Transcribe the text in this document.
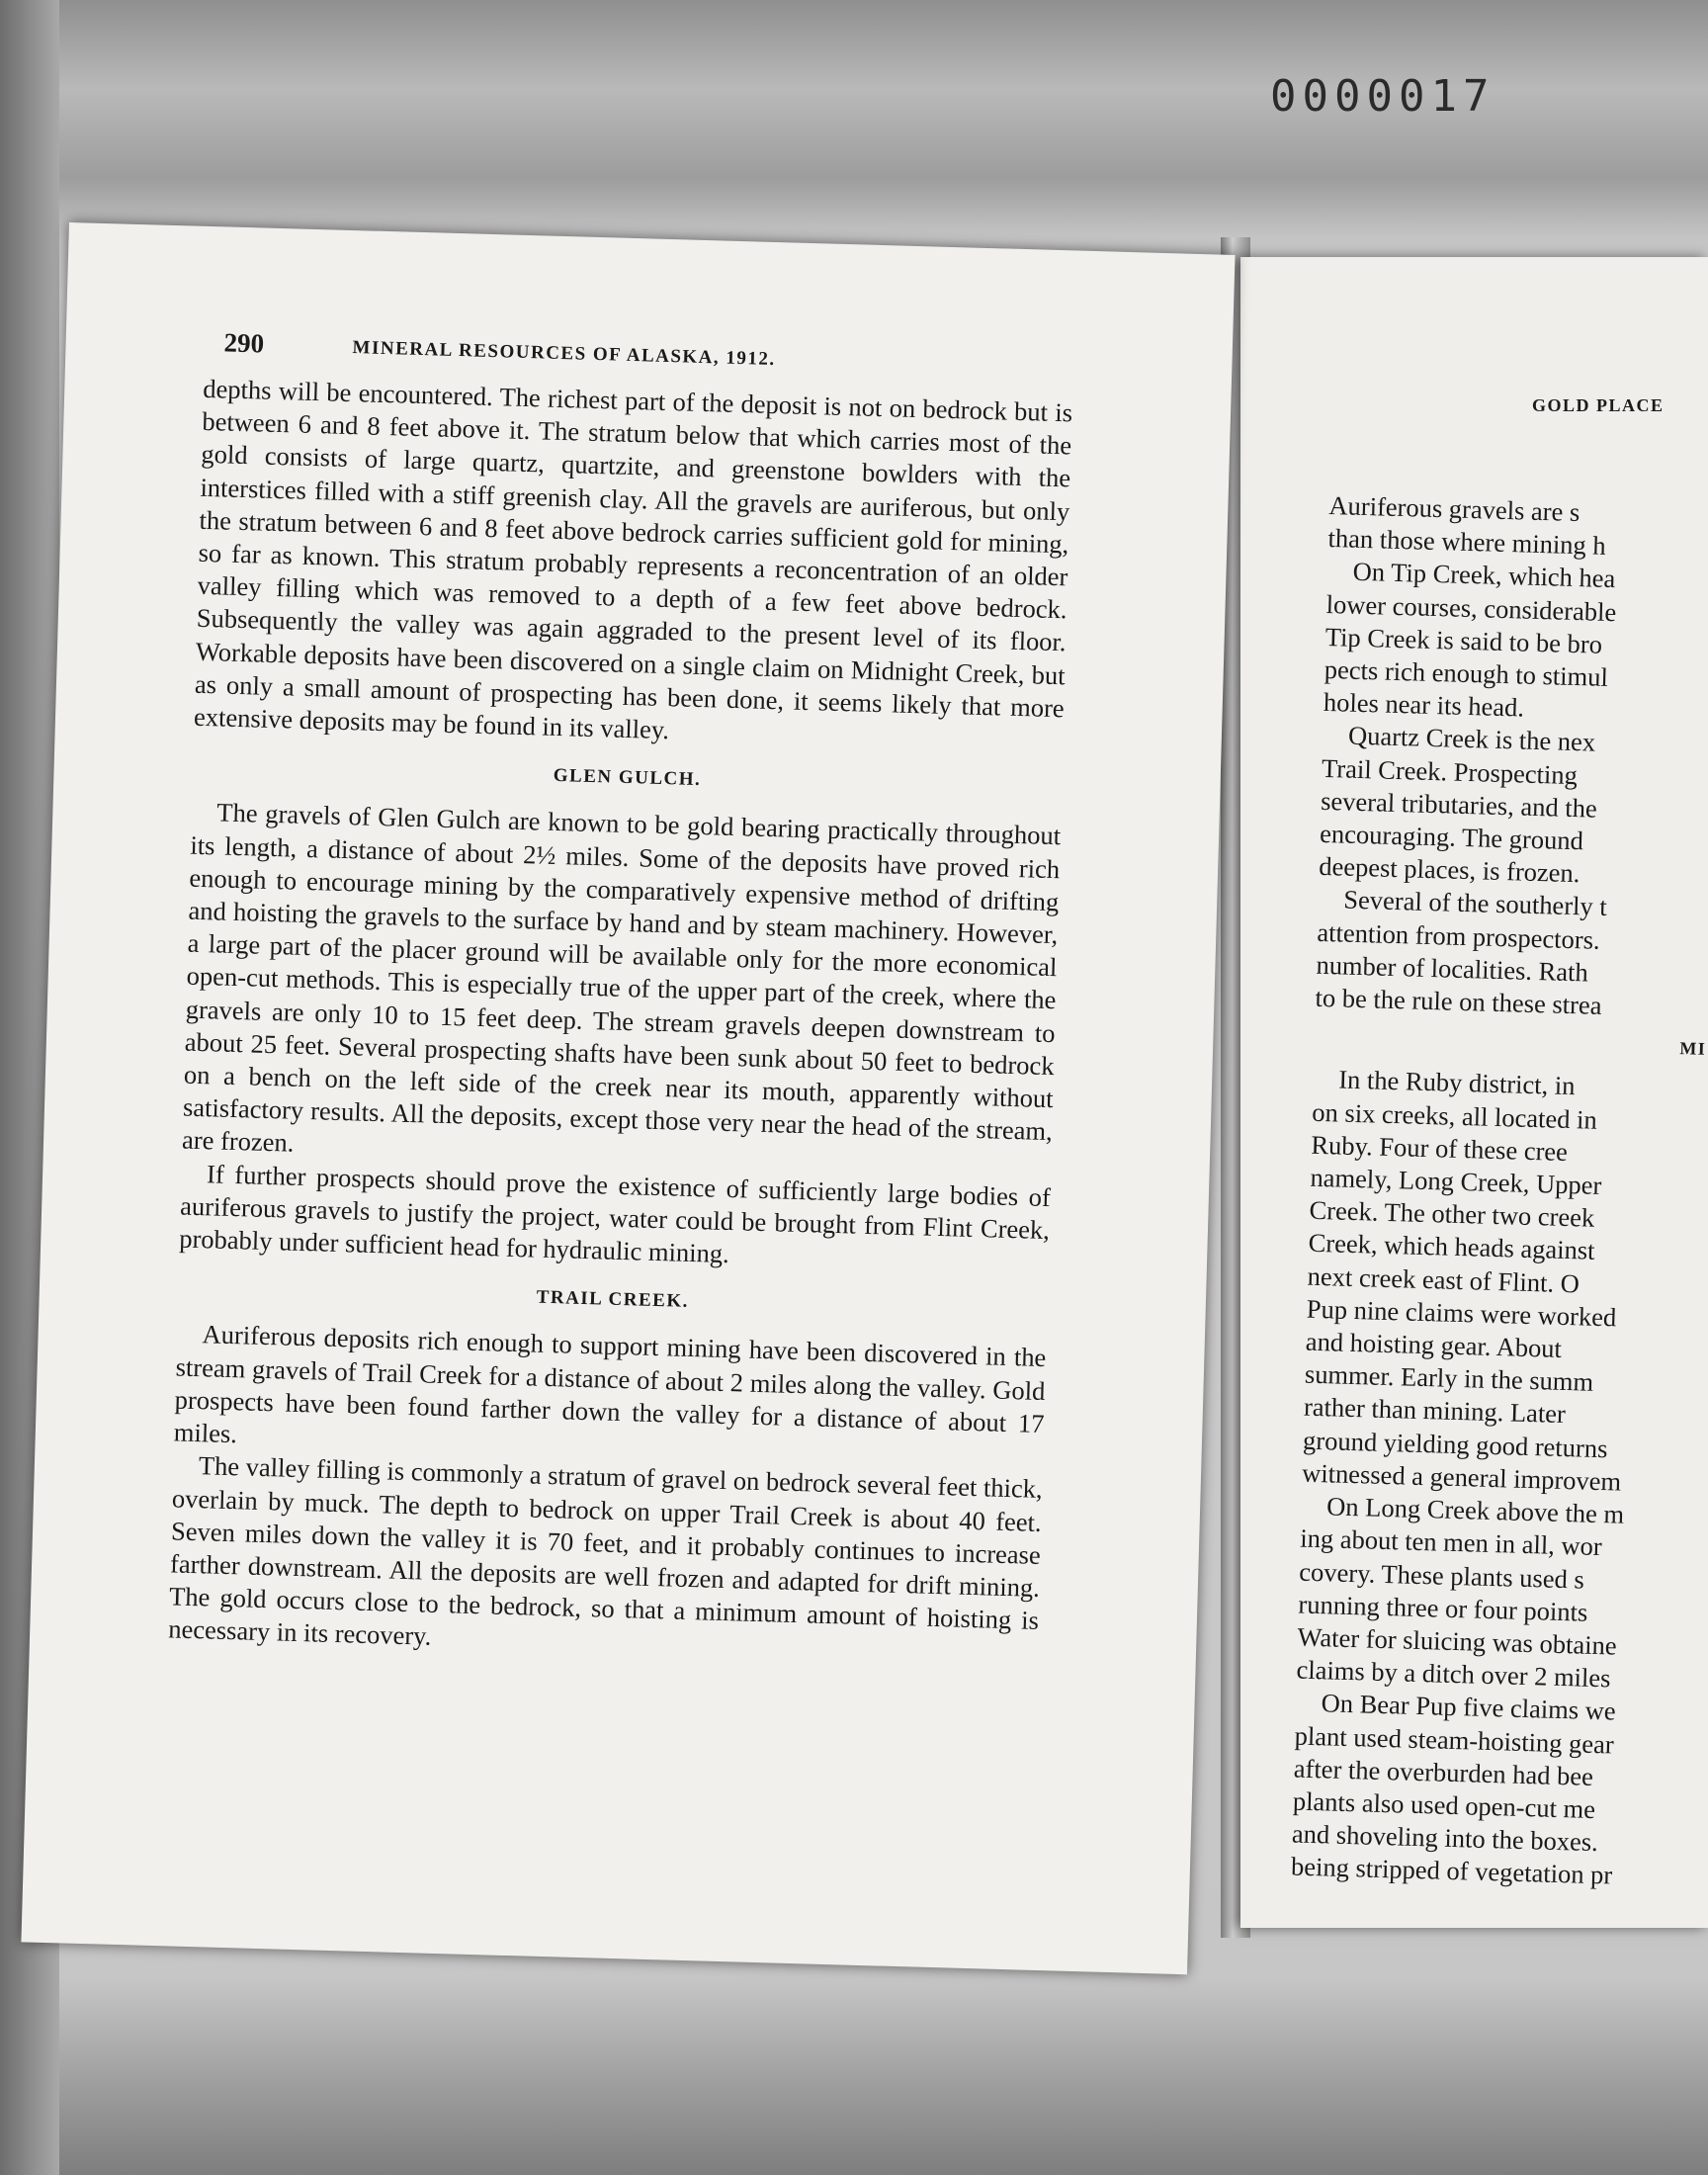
0000017
GOLD PLACE
Auriferous gravels are s
than those where mining h
On Tip Creek, which hea
lower courses, considerable
Tip Creek is said to be bro
pects rich enough to stimul
holes near its head.
Quartz Creek is the nex
Trail Creek. Prospecting
several tributaries, and the
encouraging. The ground
deepest places, is frozen.
Several of the southerly t
attention from prospectors.
number of localities. Rath
to be the rule on these strea
MI
In the Ruby district, in
on six creeks, all located in
Ruby. Four of these cree
namely, Long Creek, Upper
Creek. The other two creek
Creek, which heads against
next creek east of Flint. O
Pup nine claims were worked
and hoisting gear. About
summer. Early in the summ
rather than mining. Later
ground yielding good returns
witnessed a general improvem
On Long Creek above the m
ing about ten men in all, wor
covery. These plants used s
running three or four points
Water for sluicing was obtaine
claims by a ditch over 2 miles
On Bear Pup five claims we
plant used steam-hoisting gear
after the overburden had bee
plants also used open-cut me
and shoveling into the boxes.
being stripped of vegetation pr
290	MINERAL RESOURCES OF ALASKA, 1912.

depths will be encountered. The richest part of the deposit is not on bedrock but is between 6 and 8 feet above it. The stratum below that which carries most of the gold consists of large quartz, quartzite, and greenstone bowlders with the interstices filled with a stiff greenish clay. All the gravels are auriferous, but only the stratum between 6 and 8 feet above bedrock carries sufficient gold for mining, so far as known. This stratum probably represents a reconcentration of an older valley filling which was removed to a depth of a few feet above bedrock. Subsequently the valley was again aggraded to the present level of its floor. Workable deposits have been discovered on a single claim on Midnight Creek, but as only a small amount of prospecting has been done, it seems likely that more extensive deposits may be found in its valley.

GLEN GULCH.

The gravels of Glen Gulch are known to be gold bearing practically throughout its length, a distance of about 2½ miles. Some of the deposits have proved rich enough to encourage mining by the comparatively expensive method of drifting and hoisting the gravels to the surface by hand and by steam machinery. However, a large part of the placer ground will be available only for the more economical open-cut methods. This is especially true of the upper part of the creek, where the gravels are only 10 to 15 feet deep. The stream gravels deepen downstream to about 25 feet. Several prospecting shafts have been sunk about 50 feet to bedrock on a bench on the left side of the creek near its mouth, apparently without satisfactory results. All the deposits, except those very near the head of the stream, are frozen.

If further prospects should prove the existence of sufficiently large bodies of auriferous gravels to justify the project, water could be brought from Flint Creek, probably under sufficient head for hydraulic mining.

TRAIL CREEK.

Auriferous deposits rich enough to support mining have been discovered in the stream gravels of Trail Creek for a distance of about 2 miles along the valley. Gold prospects have been found farther down the valley for a distance of about 17 miles.

The valley filling is commonly a stratum of gravel on bedrock several feet thick, overlain by muck. The depth to bedrock on upper Trail Creek is about 40 feet. Seven miles down the valley it is 70 feet, and it probably continues to increase farther downstream. All the deposits are well frozen and adapted for drift mining. The gold occurs close to the bedrock, so that a minimum amount of hoisting is necessary in its recovery.
